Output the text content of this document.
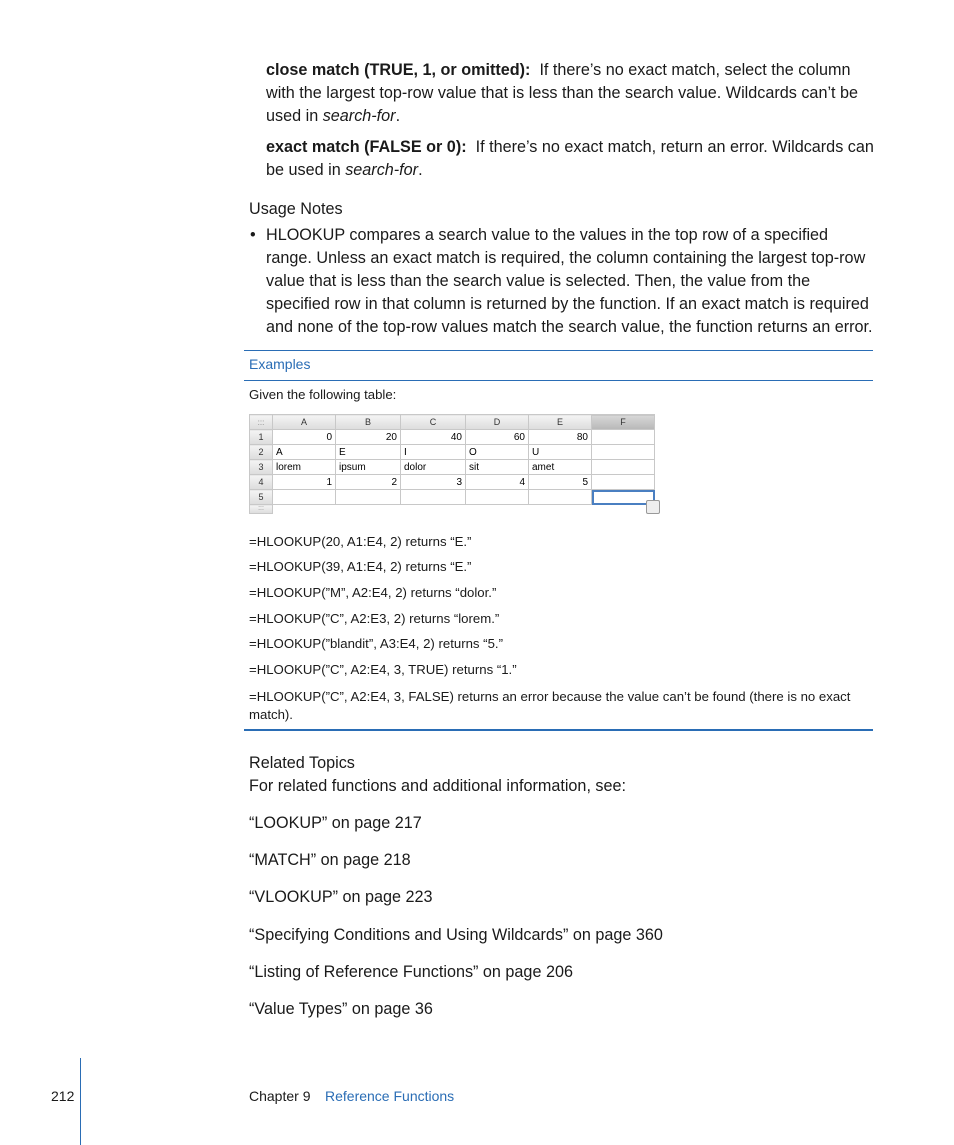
close match (TRUE, 1, or omitted): If there’s no exact match, select the column with the largest top-row value that is less than the search value. Wildcards can’t be used in search-for.
exact match (FALSE or 0): If there’s no exact match, return an error. Wildcards can be used in search-for.
Usage Notes
• HLOOKUP compares a search value to the values in the top row of a specified range. Unless an exact match is required, the column containing the largest top-row value that is less than the search value is selected. Then, the value from the specified row in that column is returned by the function. If an exact match is required and none of the top-row values match the search value, the function returns an error.
Examples
Given the following table:
:::	A	B	C	D	E	F
1	0	20	40	60	80	
2	A	E	I	O	U	
3	lorem	ipsum	dolor	sit	amet	
4	1	2	3	4	5	
5						
:::						
=HLOOKUP(20, A1:E4, 2) returns “E.”
=HLOOKUP(39, A1:E4, 2) returns “E.”
=HLOOKUP(”M”, A2:E4, 2) returns “dolor.”
=HLOOKUP(”C”, A2:E3, 2) returns “lorem.”
=HLOOKUP(”blandit”, A3:E4, 2) returns “5.”
=HLOOKUP(”C”, A2:E4, 3, TRUE) returns “1.”
=HLOOKUP(”C”, A2:E4, 3, FALSE) returns an error because the value can’t be found (there is no exact match).
Related Topics
For related functions and additional information, see:
“LOOKUP” on page 217
“MATCH” on page 218
“VLOOKUP” on page 223
“Specifying Conditions and Using Wildcards” on page 360
“Listing of Reference Functions” on page 206
“Value Types” on page 36
212	Chapter 9 Reference Functions
